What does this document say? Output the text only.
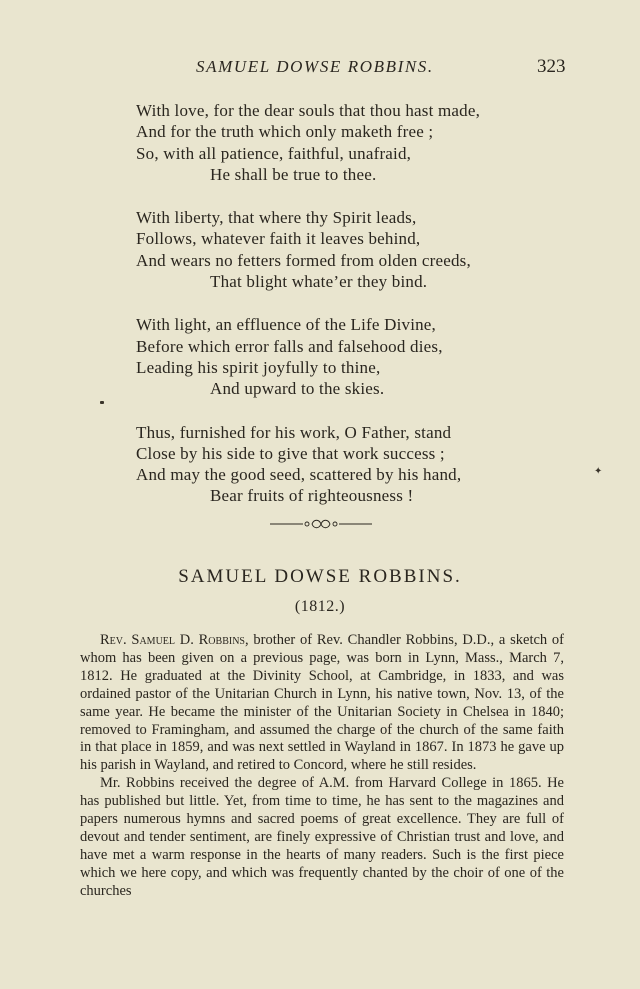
SAMUEL DOWSE ROBBINS.	323
With love, for the dear souls that thou hast made,
And for the truth which only maketh free ;
So, with all patience, faithful, unafraid,
He shall be true to thee.
With liberty, that where thy Spirit leads,
Follows, whatever faith it leaves behind,
And wears no fetters formed from olden creeds,
That blight whate’er they bind.
With light, an effluence of the Life Divine,
Before which error falls and falsehood dies,
Leading his spirit joyfully to thine,
And upward to the skies.
Thus, furnished for his work, O Father, stand
Close by his side to give that work success ;
And may the good seed, scattered by his hand,
Bear fruits of righteousness !
✦
SAMUEL DOWSE ROBBINS.
(1812.)

Rev. Samuel D. Robbins, brother of Rev. Chandler Robbins, D.D., a sketch of whom has been given on a previous page, was born in Lynn, Mass., March 7, 1812. He graduated at the Divinity School, at Cambridge, in 1833, and was ordained pastor of the Unitarian Church in Lynn, his native town, Nov. 13, of the same year. He became the minister of the Unitarian Society in Chelsea in 1840; removed to Framingham, and assumed the charge of the church of the same faith in that place in 1859, and was next settled in Wayland in 1867. In 1873 he gave up his parish in Wayland, and retired to Concord, where he still resides.

Mr. Robbins received the degree of A.M. from Harvard College in 1865. He has published but little. Yet, from time to time, he has sent to the magazines and papers numerous hymns and sacred poems of great excellence. They are full of devout and tender sentiment, are finely expressive of Christian trust and love, and have met a warm response in the hearts of many readers. Such is the first piece which we here copy, and which was frequently chanted by the choir of one of the churches
